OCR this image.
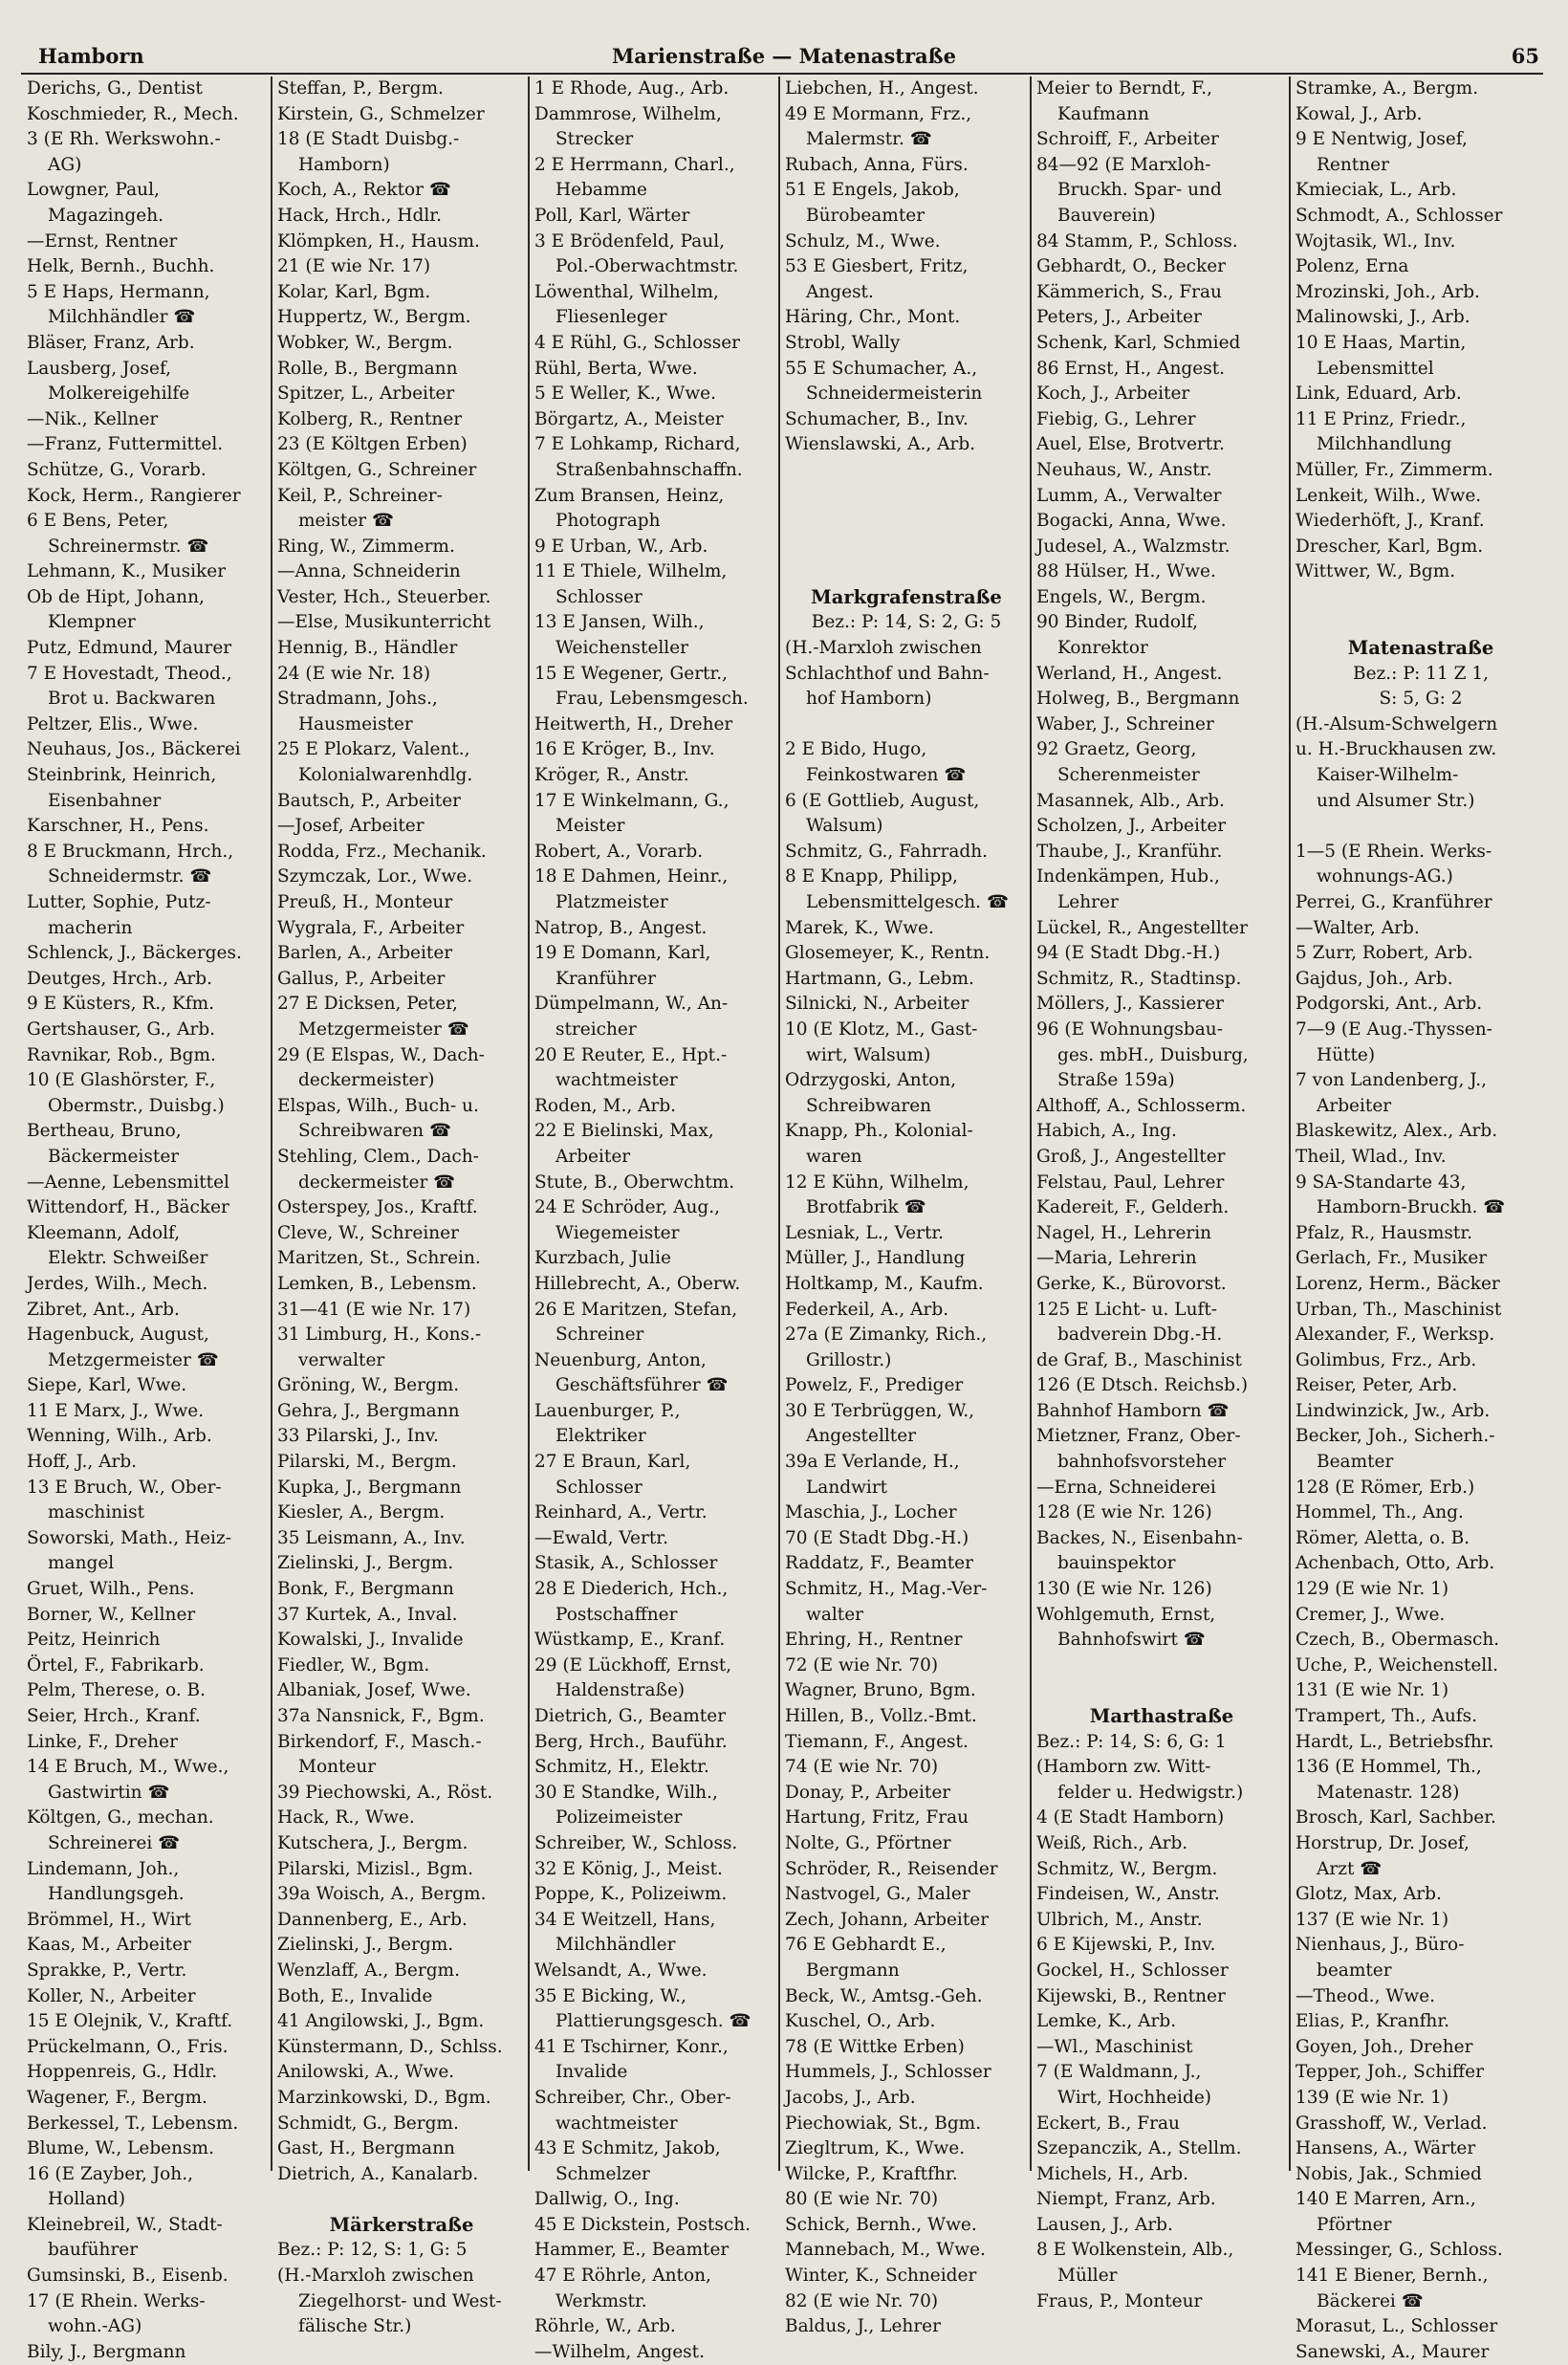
Hamborn	Marienstraße — Matenastraße	65
Derichs, G., Dentist
Koschmieder, R., Mech.
3 (E Rh. Werkswohn.-
AG)
Lowgner, Paul,
Magazingeh.
—Ernst, Rentner
Helk, Bernh., Buchh.
5 E Haps, Hermann,
Milchhändler ☎
Bläser, Franz, Arb.
Lausberg, Josef,
Molkereigehilfe
—Nik., Kellner
—Franz, Futtermittel.
Schütze, G., Vorarb.
Kock, Herm., Rangierer
6 E Bens, Peter,
Schreinermstr. ☎
Lehmann, K., Musiker
Ob de Hipt, Johann,
Klempner
Putz, Edmund, Maurer
7 E Hovestadt, Theod.,
Brot u. Backwaren
Peltzer, Elis., Wwe.
Neuhaus, Jos., Bäckerei
Steinbrink, Heinrich,
Eisenbahner
Karschner, H., Pens.
8 E Bruckmann, Hrch.,
Schneidermstr. ☎
Lutter, Sophie, Putz-
macherin
Schlenck, J., Bäckerges.
Deutges, Hrch., Arb.
9 E Küsters, R., Kfm.
Gertshauser, G., Arb.
Ravnikar, Rob., Bgm.
10 (E Glashörster, F.,
Obermstr., Duisbg.)
Bertheau, Bruno,
Bäckermeister
—Aenne, Lebensmittel
Wittendorf, H., Bäcker
Kleemann, Adolf,
Elektr. Schweißer
Jerdes, Wilh., Mech.
Zibret, Ant., Arb.
Hagenbuck, August,
Metzgermeister ☎
Siepe, Karl, Wwe.
11 E Marx, J., Wwe.
Wenning, Wilh., Arb.
Hoff, J., Arb.
13 E Bruch, W., Ober-
maschinist
Soworski, Math., Heiz-
mangel
Gruet, Wilh., Pens.
Borner, W., Kellner
Peitz, Heinrich
Örtel, F., Fabrikarb.
Pelm, Therese, o. B.
Seier, Hrch., Kranf.
Linke, F., Dreher
14 E Bruch, M., Wwe.,
Gastwirtin ☎
Költgen, G., mechan.
Schreinerei ☎
Lindemann, Joh.,
Handlungsgeh.
Brömmel, H., Wirt
Kaas, M., Arbeiter
Sprakke, P., Vertr.
Koller, N., Arbeiter
15 E Olejnik, V., Kraftf.
Prückelmann, O., Fris.
Hoppenreis, G., Hdlr.
Wagener, F., Bergm.
Berkessel, T., Lebensm.
Blume, W., Lebensm.
16 (E Zayber, Joh.,
Holland)
Kleinebreil, W., Stadt-
bauführer
Gumsinski, B., Eisenb.
17 (E Rhein. Werks-
wohn.-AG)
Bily, J., Bergmann
Steffan, P., Bergm.
Kirstein, G., Schmelzer
18 (E Stadt Duisbg.-
Hamborn)
Koch, A., Rektor ☎
Hack, Hrch., Hdlr.
Klömpken, H., Hausm.
21 (E wie Nr. 17)
Kolar, Karl, Bgm.
Huppertz, W., Bergm.
Wobker, W., Bergm.
Rolle, B., Bergmann
Spitzer, L., Arbeiter
Kolberg, R., Rentner
23 (E Költgen Erben)
Költgen, G., Schreiner
Keil, P., Schreiner-
meister ☎
Ring, W., Zimmerm.
—Anna, Schneiderin
Vester, Hch., Steuerber.
—Else, Musikunterricht
Hennig, B., Händler
24 (E wie Nr. 18)
Stradmann, Johs.,
Hausmeister
25 E Plokarz, Valent.,
Kolonialwarenhdlg.
Bautsch, P., Arbeiter
—Josef, Arbeiter
Rodda, Frz., Mechanik.
Szymczak, Lor., Wwe.
Preuß, H., Monteur
Wygrala, F., Arbeiter
Barlen, A., Arbeiter
Gallus, P., Arbeiter
27 E Dicksen, Peter,
Metzgermeister ☎
29 (E Elspas, W., Dach-
deckermeister)
Elspas, Wilh., Buch- u.
Schreibwaren ☎
Stehling, Clem., Dach-
deckermeister ☎
Osterspey, Jos., Kraftf.
Cleve, W., Schreiner
Maritzen, St., Schrein.
Lemken, B., Lebensm.
31—41 (E wie Nr. 17)
31 Limburg, H., Kons.-
verwalter
Gröning, W., Bergm.
Gehra, J., Bergmann
33 Pilarski, J., Inv.
Pilarski, M., Bergm.
Kupka, J., Bergmann
Kiesler, A., Bergm.
35 Leismann, A., Inv.
Zielinski, J., Bergm.
Bonk, F., Bergmann
37 Kurtek, A., Inval.
Kowalski, J., Invalide
Fiedler, W., Bgm.
Albaniak, Josef, Wwe.
37a Nansnick, F., Bgm.
Birkendorf, F., Masch.-
Monteur
39 Piechowski, A., Röst.
Hack, R., Wwe.
Kutschera, J., Bergm.
Pilarski, Mizisl., Bgm.
39a Woisch, A., Bergm.
Dannenberg, E., Arb.
Zielinski, J., Bergm.
Wenzlaff, A., Bergm.
Both, E., Invalide
41 Angilowski, J., Bgm.
Künstermann, D., Schlss.
Anilowski, A., Wwe.
Marzinkowski, D., Bgm.
Schmidt, G., Bergm.
Gast, H., Bergmann
Dietrich, A., Kanalarb.
Märkerstraße
Bez.: P: 12, S: 1, G: 5
(H.-Marxloh zwischen
Ziegelhorst- und West-
fälische Str.)
1 E Rhode, Aug., Arb.
Dammrose, Wilhelm,
Strecker
2 E Herrmann, Charl.,
Hebamme
Poll, Karl, Wärter
3 E Brödenfeld, Paul,
Pol.-Oberwachtmstr.
Löwenthal, Wilhelm,
Fliesenleger
4 E Rühl, G., Schlosser
Rühl, Berta, Wwe.
5 E Weller, K., Wwe.
Börgartz, A., Meister
7 E Lohkamp, Richard,
Straßenbahnschaffn.
Zum Bransen, Heinz,
Photograph
9 E Urban, W., Arb.
11 E Thiele, Wilhelm,
Schlosser
13 E Jansen, Wilh.,
Weichensteller
15 E Wegener, Gertr.,
Frau, Lebensmgesch.
Heitwerth, H., Dreher
16 E Kröger, B., Inv.
Kröger, R., Anstr.
17 E Winkelmann, G.,
Meister
Robert, A., Vorarb.
18 E Dahmen, Heinr.,
Platzmeister
Natrop, B., Angest.
19 E Domann, Karl,
Kranführer
Dümpelmann, W., An-
streicher
20 E Reuter, E., Hpt.-
wachtmeister
Roden, M., Arb.
22 E Bielinski, Max,
Arbeiter
Stute, B., Oberwchtm.
24 E Schröder, Aug.,
Wiegemeister
Kurzbach, Julie
Hillebrecht, A., Oberw.
26 E Maritzen, Stefan,
Schreiner
Neuenburg, Anton,
Geschäftsführer ☎
Lauenburger, P.,
Elektriker
27 E Braun, Karl,
Schlosser
Reinhard, A., Vertr.
—Ewald, Vertr.
Stasik, A., Schlosser
28 E Diederich, Hch.,
Postschaffner
Wüstkamp, E., Kranf.
29 (E Lückhoff, Ernst,
Haldenstraße)
Dietrich, G., Beamter
Berg, Hrch., Bauführ.
Schmitz, H., Elektr.
30 E Standke, Wilh.,
Polizeimeister
Schreiber, W., Schloss.
32 E König, J., Meist.
Poppe, K., Polizeiwm.
34 E Weitzell, Hans,
Milchhändler
Welsandt, A., Wwe.
35 E Bicking, W.,
Plattierungsgesch. ☎
41 E Tschirner, Konr.,
Invalide
Schreiber, Chr., Ober-
wachtmeister
43 E Schmitz, Jakob,
Schmelzer
Dallwig, O., Ing.
45 E Dickstein, Postsch.
Hammer, E., Beamter
47 E Röhrle, Anton,
Werkmstr.
Röhrle, W., Arb.
—Wilhelm, Angest.
Liebchen, H., Angest.
49 E Mormann, Frz.,
Malermstr. ☎
Rubach, Anna, Fürs.
51 E Engels, Jakob,
Bürobeamter
Schulz, M., Wwe.
53 E Giesbert, Fritz,
Angest.
Häring, Chr., Mont.
Strobl, Wally
55 E Schumacher, A.,
Schneidermeisterin
Schumacher, B., Inv.
Wienslawski, A., Arb.
Markgrafenstraße
Bez.: P: 14, S: 2, G: 5
(H.-Marxloh zwischen
Schlachthof und Bahn-
hof Hamborn)
2 E Bido, Hugo,
Feinkostwaren ☎
6 (E Gottlieb, August,
Walsum)
Schmitz, G., Fahrradh.
8 E Knapp, Philipp,
Lebensmittelgesch. ☎
Marek, K., Wwe.
Glosemeyer, K., Rentn.
Hartmann, G., Lebm.
Silnicki, N., Arbeiter
10 (E Klotz, M., Gast-
wirt, Walsum)
Odrzygoski, Anton,
Schreibwaren
Knapp, Ph., Kolonial-
waren
12 E Kühn, Wilhelm,
Brotfabrik ☎
Lesniak, L., Vertr.
Müller, J., Handlung
Holtkamp, M., Kaufm.
Federkeil, A., Arb.
27a (E Zimanky, Rich.,
Grillostr.)
Powelz, F., Prediger
30 E Terbrüggen, W.,
Angestellter
39a E Verlande, H.,
Landwirt
Maschia, J., Locher
70 (E Stadt Dbg.-H.)
Raddatz, F., Beamter
Schmitz, H., Mag.-Ver-
walter
Ehring, H., Rentner
72 (E wie Nr. 70)
Wagner, Bruno, Bgm.
Hillen, B., Vollz.-Bmt.
Tiemann, F., Angest.
74 (E wie Nr. 70)
Donay, P., Arbeiter
Hartung, Fritz, Frau
Nolte, G., Pförtner
Schröder, R., Reisender
Nastvogel, G., Maler
Zech, Johann, Arbeiter
76 E Gebhardt E.,
Bergmann
Beck, W., Amtsg.-Geh.
Kuschel, O., Arb.
78 (E Wittke Erben)
Hummels, J., Schlosser
Jacobs, J., Arb.
Piechowiak, St., Bgm.
Ziegltrum, K., Wwe.
Wilcke, P., Kraftfhr.
80 (E wie Nr. 70)
Schick, Bernh., Wwe.
Mannebach, M., Wwe.
Winter, K., Schneider
82 (E wie Nr. 70)
Baldus, J., Lehrer
Meier to Berndt, F.,
Kaufmann
Schroiff, F., Arbeiter
84—92 (E Marxloh-
Bruckh. Spar- und
Bauverein)
84 Stamm, P., Schloss.
Gebhardt, O., Becker
Kämmerich, S., Frau
Peters, J., Arbeiter
Schenk, Karl, Schmied
86 Ernst, H., Angest.
Koch, J., Arbeiter
Fiebig, G., Lehrer
Auel, Else, Brotvertr.
Neuhaus, W., Anstr.
Lumm, A., Verwalter
Bogacki, Anna, Wwe.
Judesel, A., Walzmstr.
88 Hülser, H., Wwe.
Engels, W., Bergm.
90 Binder, Rudolf,
Konrektor
Werland, H., Angest.
Holweg, B., Bergmann
Waber, J., Schreiner
92 Graetz, Georg,
Scherenmeister
Masannek, Alb., Arb.
Scholzen, J., Arbeiter
Thaube, J., Kranführ.
Indenkämpen, Hub.,
Lehrer
Lückel, R., Angestellter
94 (E Stadt Dbg.-H.)
Schmitz, R., Stadtinsp.
Möllers, J., Kassierer
96 (E Wohnungsbau-
ges. mbH., Duisburg,
Straße 159a)
Althoff, A., Schlosserm.
Habich, A., Ing.
Groß, J., Angestellter
Felstau, Paul, Lehrer
Kadereit, F., Gelderh.
Nagel, H., Lehrerin
—Maria, Lehrerin
Gerke, K., Bürovorst.
125 E Licht- u. Luft-
badverein Dbg.-H.
de Graf, B., Maschinist
126 (E Dtsch. Reichsb.)
Bahnhof Hamborn ☎
Mietzner, Franz, Ober-
bahnhofsvorsteher
—Erna, Schneiderei
128 (E wie Nr. 126)
Backes, N., Eisenbahn-
bauinspektor
130 (E wie Nr. 126)
Wohlgemuth, Ernst,
Bahnhofswirt ☎
Marthastraße
Bez.: P: 14, S: 6, G: 1
(Hamborn zw. Witt-
felder u. Hedwigstr.)
4 (E Stadt Hamborn)
Weiß, Rich., Arb.
Schmitz, W., Bergm.
Findeisen, W., Anstr.
Ulbrich, M., Anstr.
6 E Kijewski, P., Inv.
Gockel, H., Schlosser
Kijewski, B., Rentner
Lemke, K., Arb.
—Wl., Maschinist
7 (E Waldmann, J.,
Wirt, Hochheide)
Eckert, B., Frau
Szepanczik, A., Stellm.
Michels, H., Arb.
Niempt, Franz, Arb.
Lausen, J., Arb.
8 E Wolkenstein, Alb.,
Müller
Fraus, P., Monteur
Stramke, A., Bergm.
Kowal, J., Arb.
9 E Nentwig, Josef,
Rentner
Kmieciak, L., Arb.
Schmodt, A., Schlosser
Wojtasik, Wl., Inv.
Polenz, Erna
Mrozinski, Joh., Arb.
Malinowski, J., Arb.
10 E Haas, Martin,
Lebensmittel
Link, Eduard, Arb.
11 E Prinz, Friedr.,
Milchhandlung
Müller, Fr., Zimmerm.
Lenkeit, Wilh., Wwe.
Wiederhöft, J., Kranf.
Drescher, Karl, Bgm.
Wittwer, W., Bgm.
Matenastraße
Bez.: P: 11 Z 1,
S: 5, G: 2
(H.-Alsum-Schwelgern
u. H.-Bruckhausen zw.
Kaiser-Wilhelm-
und Alsumer Str.)
1—5 (E Rhein. Werks-
wohnungs-AG.)
Perrei, G., Kranführer
—Walter, Arb.
5 Zurr, Robert, Arb.
Gajdus, Joh., Arb.
Podgorski, Ant., Arb.
7—9 (E Aug.-Thyssen-
Hütte)
7 von Landenberg, J.,
Arbeiter
Blaskewitz, Alex., Arb.
Theil, Wlad., Inv.
9 SA-Standarte 43,
Hamborn-Bruckh. ☎
Pfalz, R., Hausmstr.
Gerlach, Fr., Musiker
Lorenz, Herm., Bäcker
Urban, Th., Maschinist
Alexander, F., Werksp.
Golimbus, Frz., Arb.
Reiser, Peter, Arb.
Lindwinzick, Jw., Arb.
Becker, Joh., Sicherh.-
Beamter
128 (E Römer, Erb.)
Hommel, Th., Ang.
Römer, Aletta, o. B.
Achenbach, Otto, Arb.
129 (E wie Nr. 1)
Cremer, J., Wwe.
Czech, B., Obermasch.
Uche, P., Weichenstell.
131 (E wie Nr. 1)
Trampert, Th., Aufs.
Hardt, L., Betriebsfhr.
136 (E Hommel, Th.,
Matenastr. 128)
Brosch, Karl, Sachber.
Horstrup, Dr. Josef,
Arzt ☎
Glotz, Max, Arb.
137 (E wie Nr. 1)
Nienhaus, J., Büro-
beamter
—Theod., Wwe.
Elias, P., Kranfhr.
Goyen, Joh., Dreher
Tepper, Joh., Schiffer
139 (E wie Nr. 1)
Grasshoff, W., Verlad.
Hansens, A., Wärter
Nobis, Jak., Schmied
140 E Marren, Arn.,
Pförtner
Messinger, G., Schloss.
141 E Biener, Bernh.,
Bäckerei ☎
Morasut, L., Schlosser
Sanewski, A., Maurer
